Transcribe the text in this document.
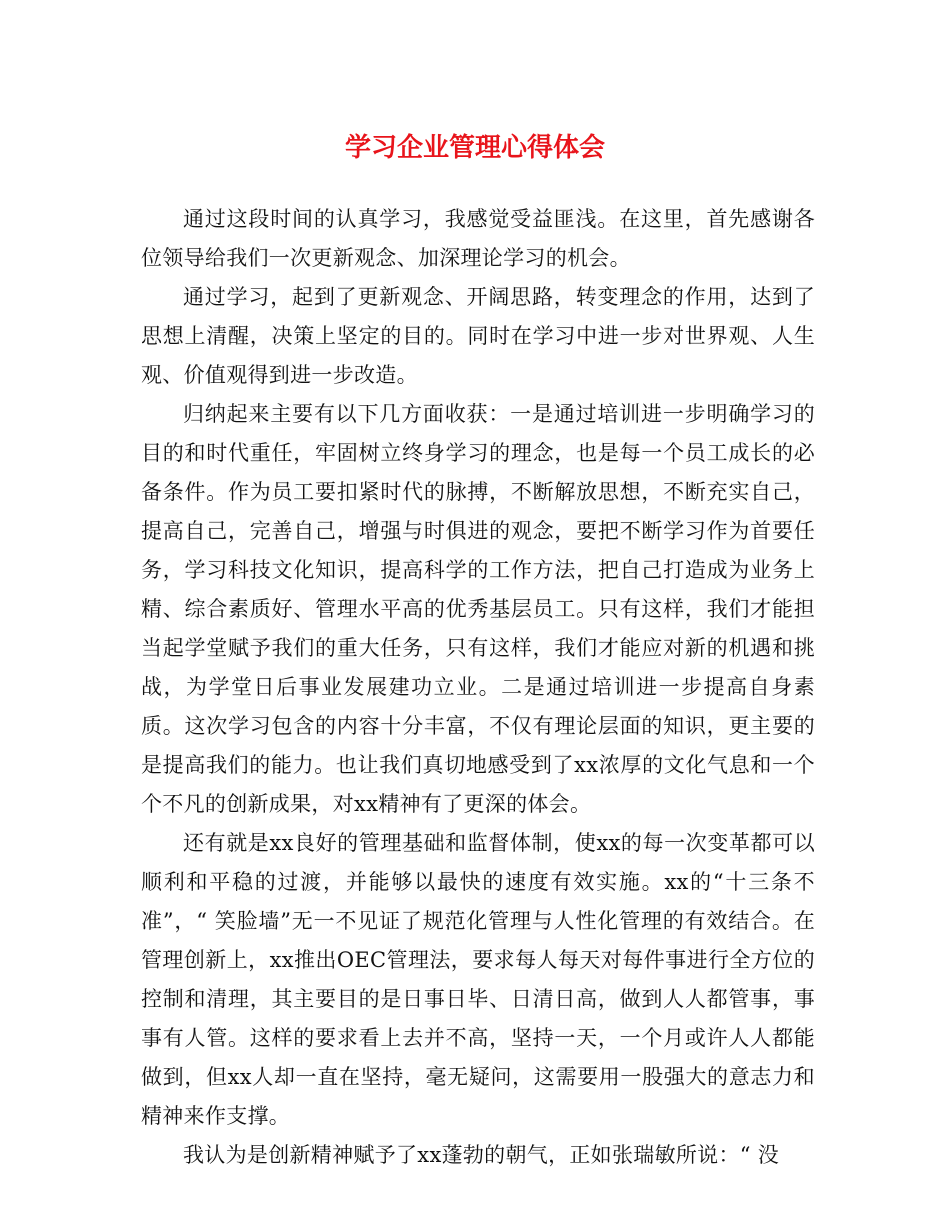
学习企业管理心得体会

通过这段时间的认真学习，我感觉受益匪浅。在这里，首先感谢各位领导给我们一次更新观念、加深理论学习的机会。

通过学习，起到了更新观念、开阔思路，转变理念的作用，达到了思想上清醒，决策上坚定的目的。同时在学习中进一步对世界观、人生观、价值观得到进一步改造。

归纳起来主要有以下几方面收获：一是通过培训进一步明确学习的目的和时代重任，牢固树立终身学习的理念，也是每一个员工成长的必备条件。作为员工要扣紧时代的脉搏，不断解放思想，不断充实自己，提高自己，完善自己，增强与时俱进的观念，要把不断学习作为首要任务，学习科技文化知识，提高科学的工作方法，把自己打造成为业务上精、综合素质好、管理水平高的优秀基层员工。只有这样，我们才能担当起学堂赋予我们的重大任务，只有这样，我们才能应对新的机遇和挑战，为学堂日后事业发展建功立业。二是通过培训进一步提高自身素质。这次学习包含的内容十分丰富，不仅有理论层面的知识，更主要的是提高我们的能力。也让我们真切地感受到了xx浓厚的文化气息和一个个不凡的创新成果，对xx精神有了更深的体会。

还有就是xx良好的管理基础和监督体制，使xx的每一次变革都可以顺利和平稳的过渡，并能够以最快的速度有效实施。xx的“十三条不准”，“ 笑脸墙”无一不见证了规范化管理与人性化管理的有效结合。在管理创新上，xx推出OEC管理法，要求每人每天对每件事进行全方位的控制和清理，其主要目的是日事日毕、日清日高，做到人人都管事，事事有人管。这样的要求看上去并不高，坚持一天，一个月或许人人都能做到，但xx人却一直在坚持，毫无疑问，这需要用一股强大的意志力和精神来作支撑。

我认为是创新精神赋予了xx蓬勃的朝气，正如张瑞敏所说：“ 没
